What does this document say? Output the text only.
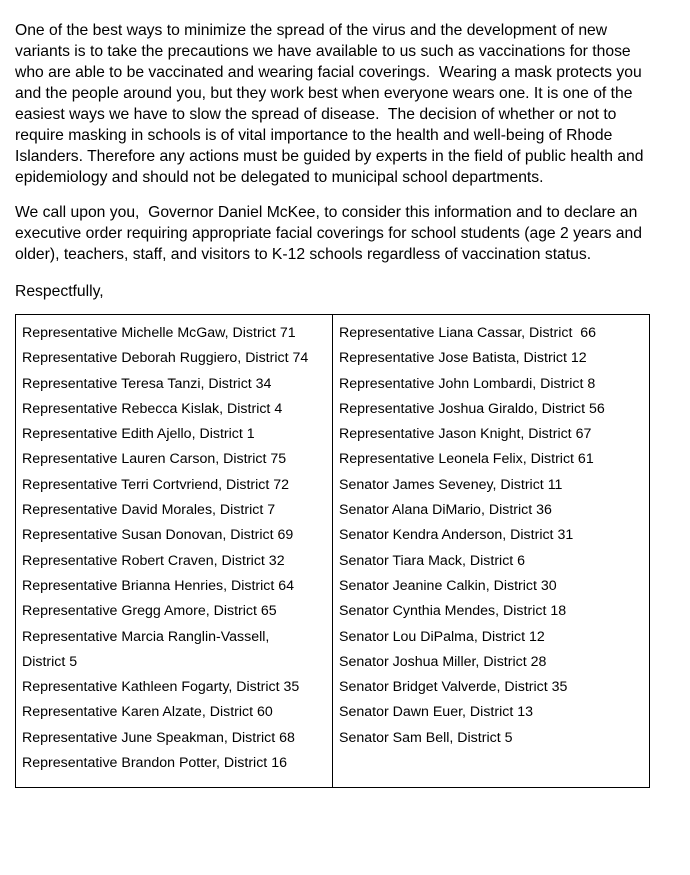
One of the best ways to minimize the spread of the virus and the development of new variants is to take the precautions we have available to us such as vaccinations for those who are able to be vaccinated and wearing facial coverings.  Wearing a mask protects you and the people around you, but they work best when everyone wears one. It is one of the easiest ways we have to slow the spread of disease.  The decision of whether or not to require masking in schools is of vital importance to the health and well-being of Rhode Islanders. Therefore any actions must be guided by experts in the field of public health and epidemiology and should not be delegated to municipal school departments.

We call upon you,  Governor Daniel McKee, to consider this information and to declare an executive order requiring appropriate facial coverings for school students (age 2 years and older), teachers, staff, and visitors to K-12 schools regardless of vaccination status.

Respectfully,

Representative Michelle McGaw, District 71
Representative Deborah Ruggiero, District 74
Representative Teresa Tanzi, District 34
Representative Rebecca Kislak, District 4
Representative Edith Ajello, District 1
Representative Lauren Carson, District 75
Representative Terri Cortvriend, District 72
Representative David Morales, District 7
Representative Susan Donovan, District 69
Representative Robert Craven, District 32
Representative Brianna Henries, District 64
Representative Gregg Amore, District 65
Representative Marcia Ranglin-Vassell, District 5
Representative Kathleen Fogarty, District 35
Representative Karen Alzate, District 60
Representative June Speakman, District 68
Representative Brandon Potter, District 16

Representative Liana Cassar, District  66
Representative Jose Batista, District 12
Representative John Lombardi, District 8
Representative Joshua Giraldo, District 56
Representative Jason Knight, District 67
Representative Leonela Felix, District 61
Senator James Seveney, District 11
Senator Alana DiMario, District 36
Senator Kendra Anderson, District 31
Senator Tiara Mack, District 6
Senator Jeanine Calkin, District 30
Senator Cynthia Mendes, District 18
Senator Lou DiPalma, District 12
Senator Joshua Miller, District 28
Senator Bridget Valverde, District 35
Senator Dawn Euer, District 13
Senator Sam Bell, District 5
